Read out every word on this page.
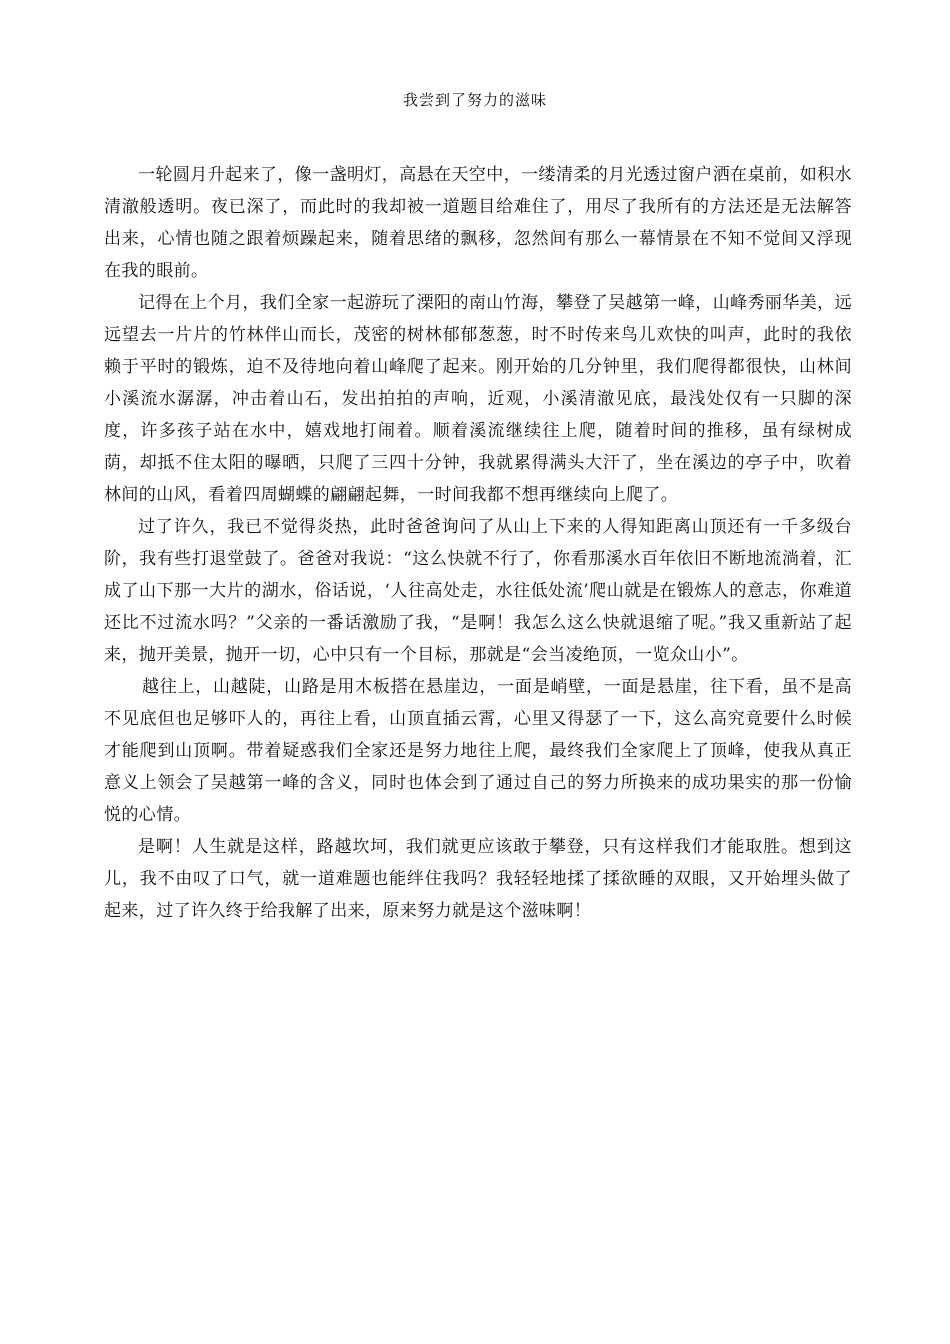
我尝到了努力的滋味

一轮圆月升起来了，像一盏明灯，高悬在天空中，一缕清柔的月光透过窗户洒在桌前，如积水清澈般透明。夜已深了，而此时的我却被一道题目给难住了，用尽了我所有的方法还是无法解答出来，心情也随之跟着烦躁起来，随着思绪的飘移，忽然间有那么一幕情景在不知不觉间又浮现在我的眼前。

记得在上个月，我们全家一起游玩了溧阳的南山竹海，攀登了吴越第一峰，山峰秀丽华美，远远望去一片片的竹林伴山而长，茂密的树林郁郁葱葱，时不时传来鸟儿欢快的叫声，此时的我依赖于平时的锻炼，迫不及待地向着山峰爬了起来。刚开始的几分钟里，我们爬得都很快，山林间小溪流水潺潺，冲击着山石，发出拍拍的声响，近观，小溪清澈见底，最浅处仅有一只脚的深度，许多孩子站在水中，嬉戏地打闹着。顺着溪流继续往上爬，随着时间的推移，虽有绿树成荫，却抵不住太阳的曝晒，只爬了三四十分钟，我就累得满头大汗了，坐在溪边的亭子中，吹着林间的山风，看着四周蝴蝶的翩翩起舞，一时间我都不想再继续向上爬了。

过了许久，我已不觉得炎热，此时爸爸询问了从山上下来的人得知距离山顶还有一千多级台阶，我有些打退堂鼓了。爸爸对我说：“这么快就不行了，你看那溪水百年依旧不断地流淌着，汇成了山下那一大片的湖水，俗话说，‘人往高处走，水往低处流’爬山就是在锻炼人的意志，你难道还比不过流水吗？”父亲的一番话激励了我，“是啊！我怎么这么快就退缩了呢。”我又重新站了起来，抛开美景，抛开一切，心中只有一个目标，那就是“会当凌绝顶，一览众山小”。

越往上，山越陡，山路是用木板搭在悬崖边，一面是峭壁，一面是悬崖，往下看，虽不是高不见底但也足够吓人的，再往上看，山顶直插云霄，心里又得瑟了一下，这么高究竟要什么时候才能爬到山顶啊。带着疑惑我们全家还是努力地往上爬，最终我们全家爬上了顶峰，使我从真正意义上领会了吴越第一峰的含义，同时也体会到了通过自己的努力所换来的成功果实的那一份愉悦的心情。

是啊！人生就是这样，路越坎坷，我们就更应该敢于攀登，只有这样我们才能取胜。想到这儿，我不由叹了口气，就一道难题也能绊住我吗？我轻轻地揉了揉欲睡的双眼，又开始埋头做了起来，过了许久终于给我解了出来，原来努力就是这个滋味啊！
